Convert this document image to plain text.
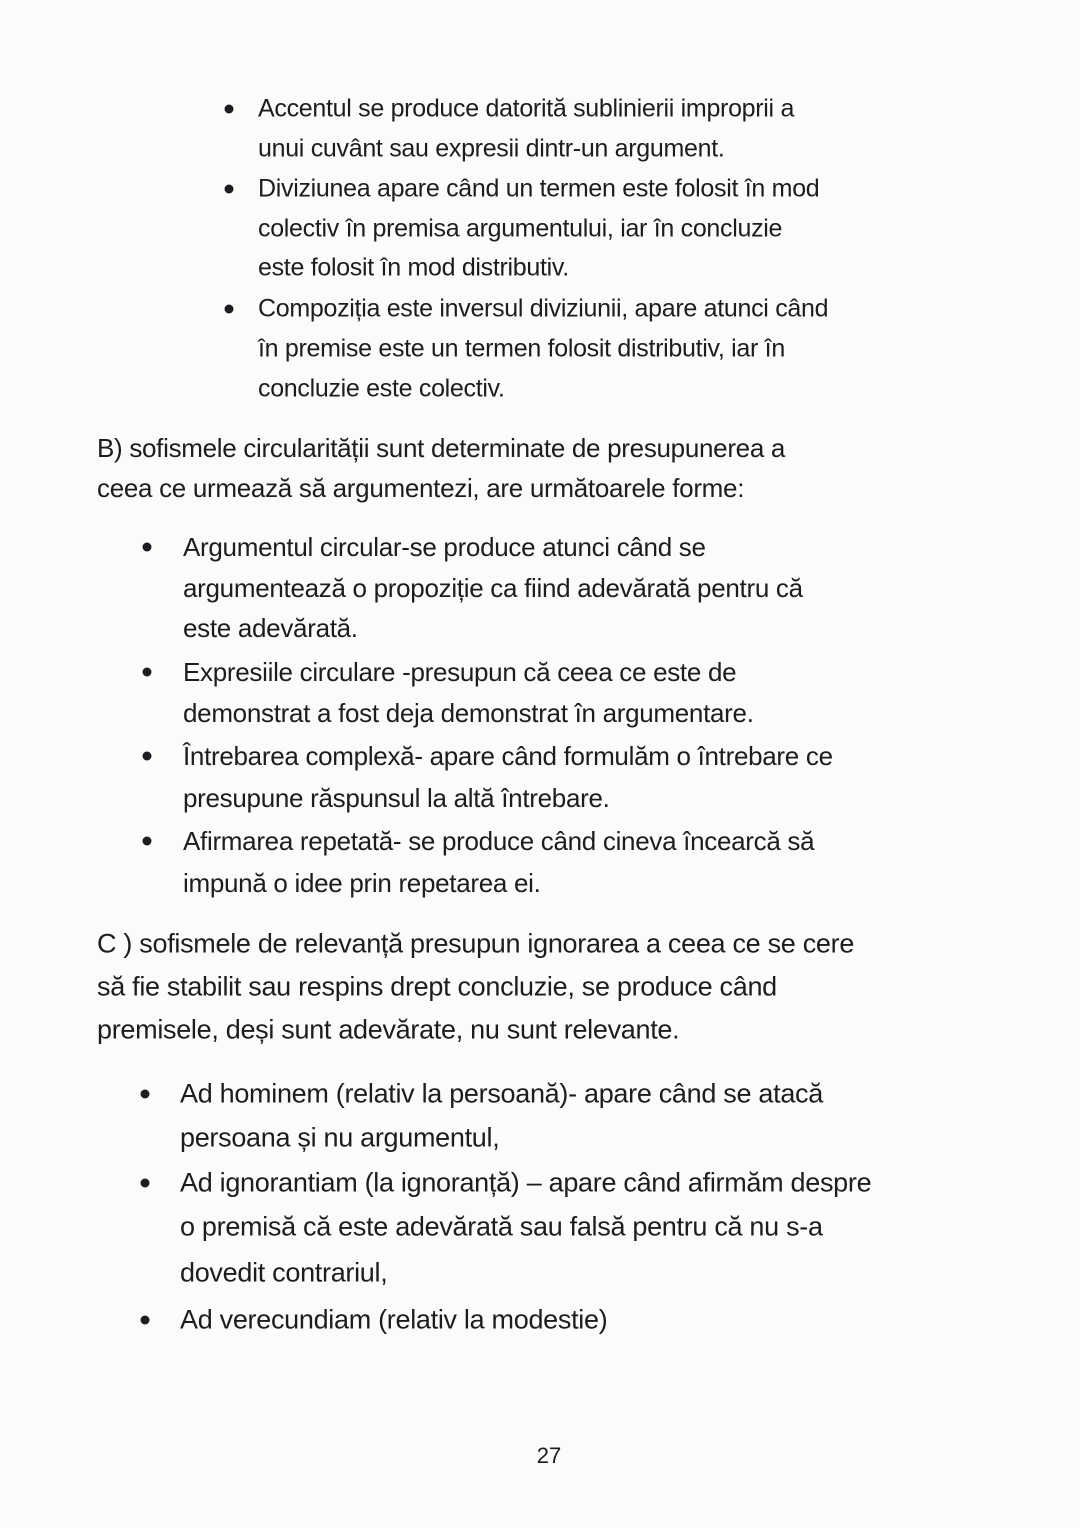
Accentul se produce datorită sublinierii improprii a
unui cuvânt sau expresii dintr-un argument.
Diviziunea apare când un termen este folosit în mod
colectiv în premisa argumentului, iar în concluzie
este folosit în mod distributiv.
Compoziția este inversul diviziunii, apare atunci când
în premise este un termen folosit distributiv, iar în
concluzie este colectiv.
B) sofismele circularității sunt determinate de presupunerea a
ceea ce urmează să argumentezi, are următoarele forme:
Argumentul circular-se produce atunci când se
argumentează o propoziție ca fiind adevărată pentru că
este adevărată.
Expresiile circulare -presupun că ceea ce este de
demonstrat a fost deja demonstrat în argumentare.
Întrebarea complexă- apare când formulăm o întrebare ce
presupune răspunsul la altă întrebare.
Afirmarea repetată- se produce când cineva încearcă să
impună o idee prin repetarea ei.
C ) sofismele de relevanță presupun ignorarea a ceea ce se cere
să fie stabilit sau respins drept concluzie, se produce când
premisele, deși sunt adevărate, nu sunt relevante.
Ad hominem (relativ la persoană)- apare când se atacă
persoana și nu argumentul,
Ad ignorantiam (la ignoranță) – apare când afirmăm despre
o premisă că este adevărată sau falsă pentru că nu s-a
dovedit contrariul,
Ad verecundiam (relativ la modestie)
27
